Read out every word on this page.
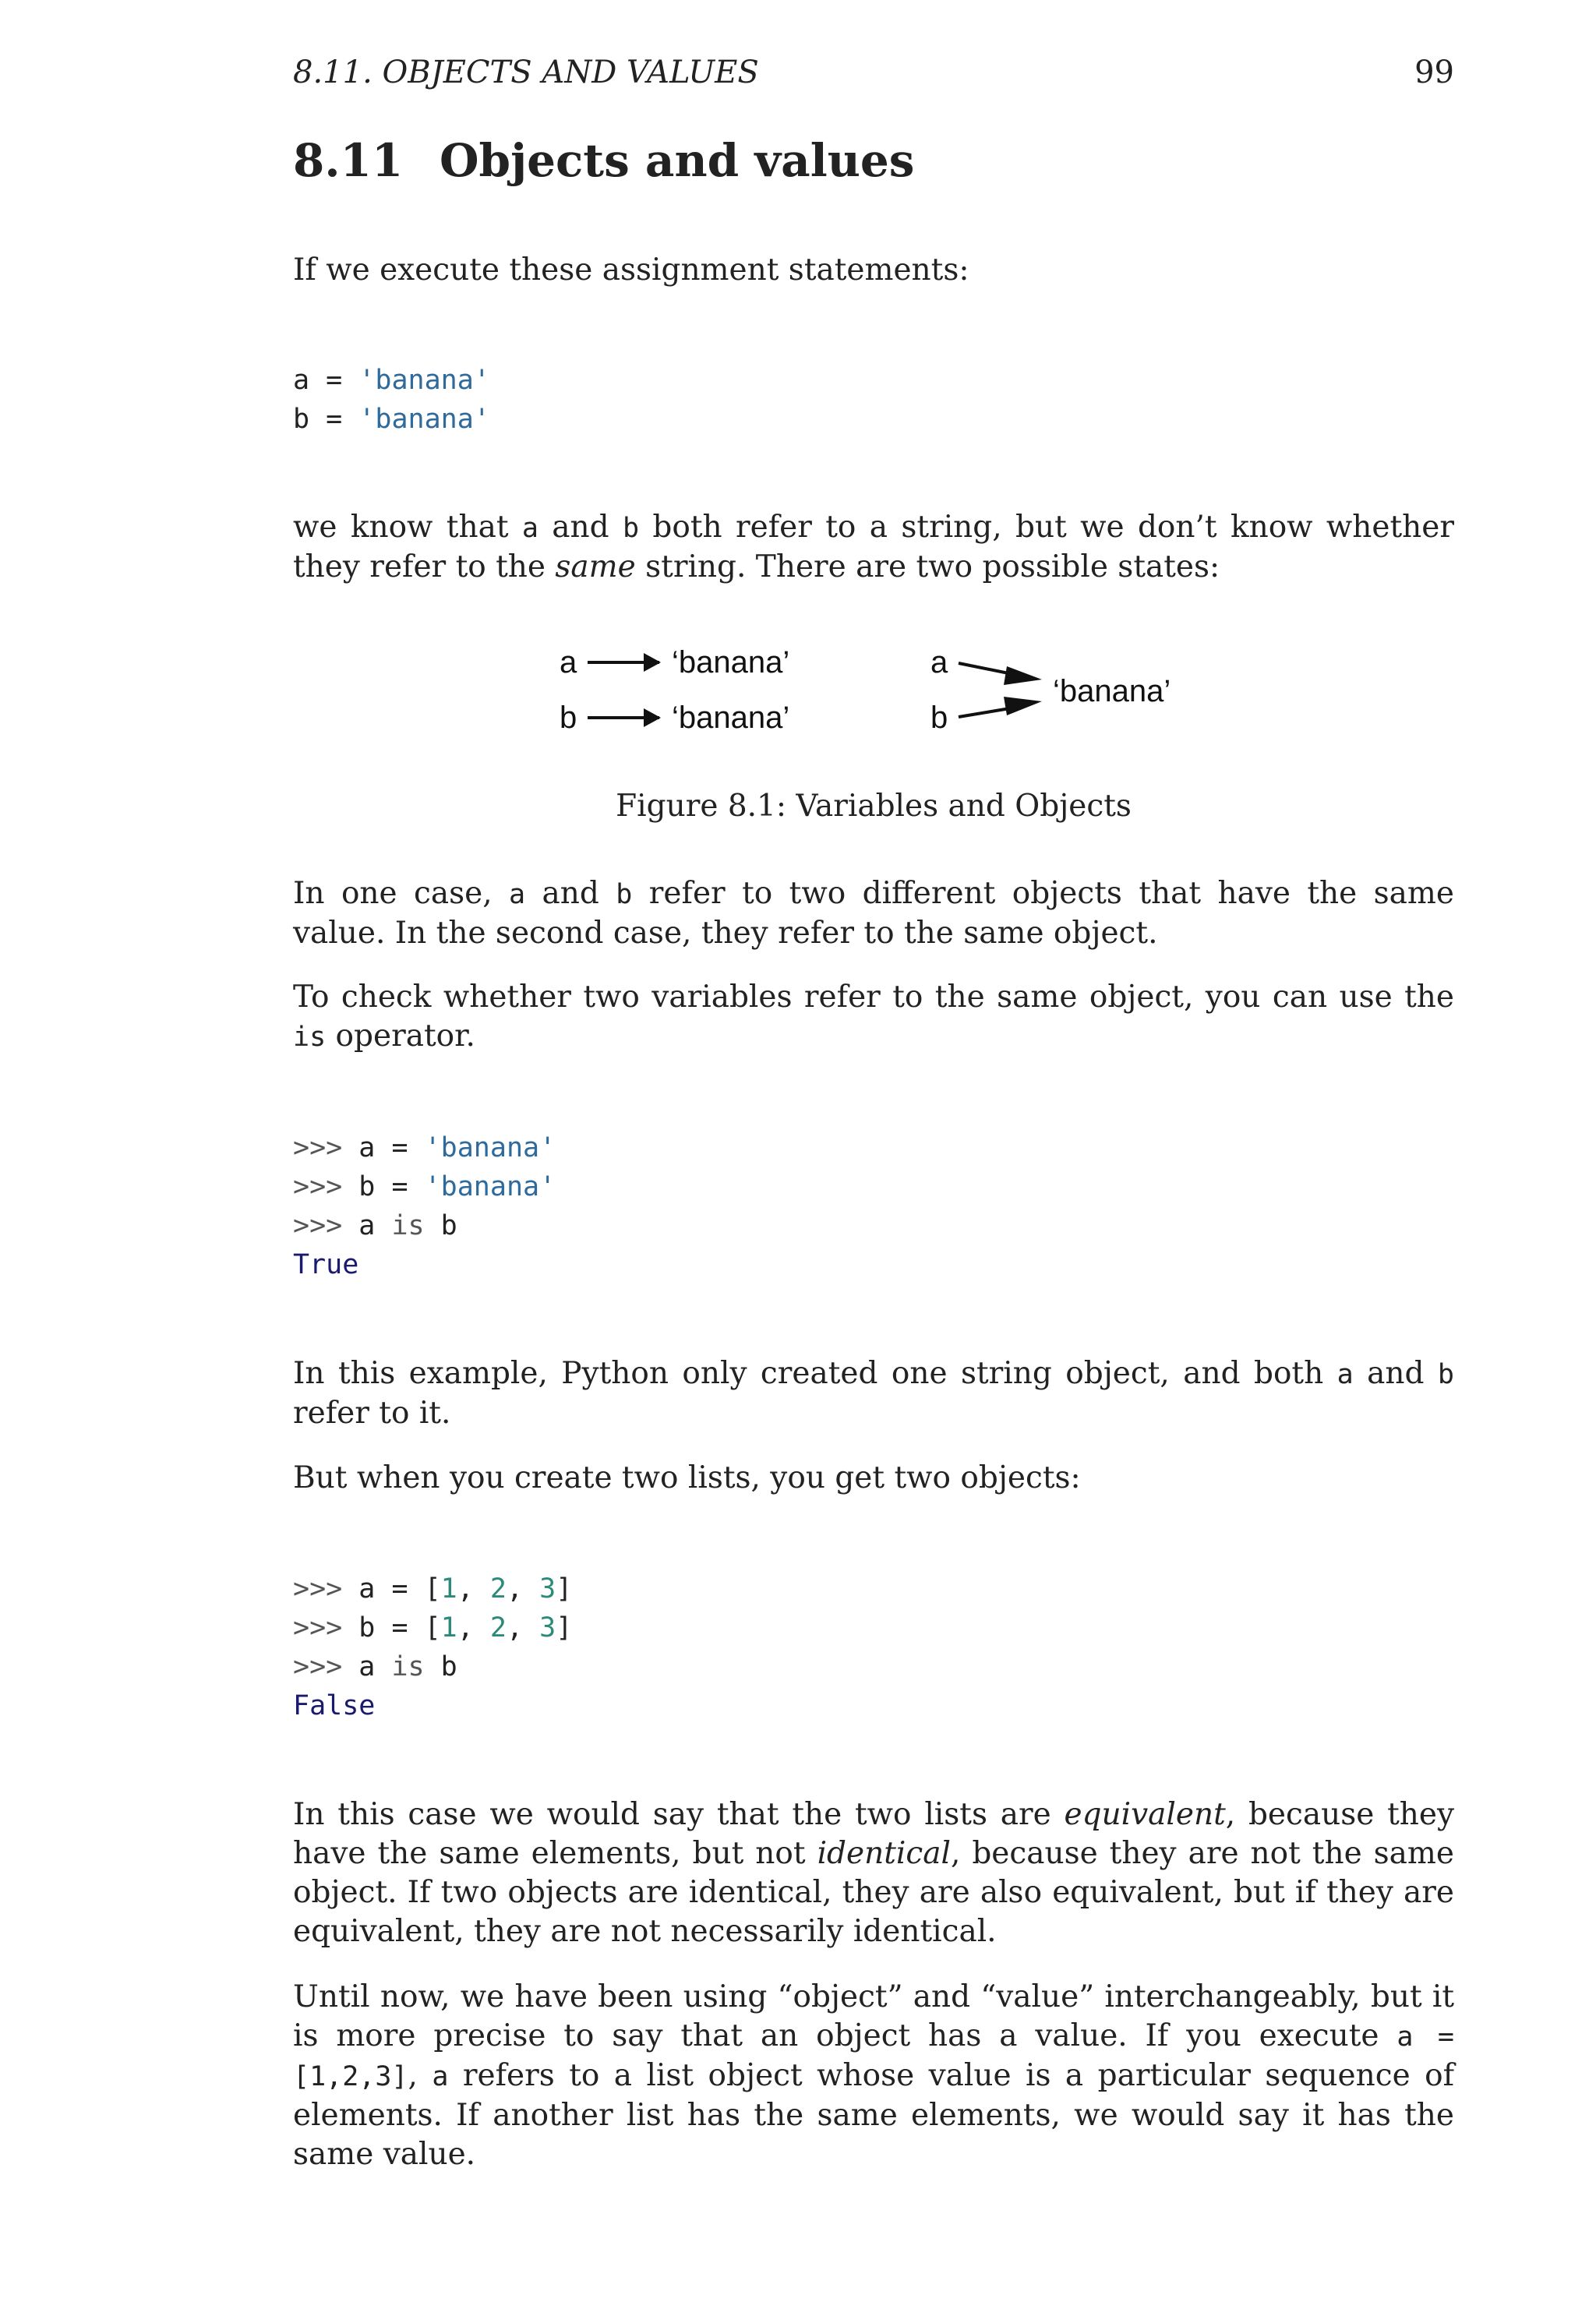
8.11. OBJECTS AND VALUES	99
8.11 Objects and values
If we execute these assignment statements:
a = 'banana'
b = 'banana'
we know that a and b both refer to a string, but we don’t know whether they refer to the same string. There are two possible states:
a	‘banana’
b	‘banana’
a
b
‘banana’
Figure 8.1: Variables and Objects
In one case, a and b refer to two different objects that have the same value. In the second case, they refer to the same object.
To check whether two variables refer to the same object, you can use the is operator.
>>> a = 'banana'
>>> b = 'banana'
>>> a is b
True
In this example, Python only created one string object, and both a and b refer to it.
But when you create two lists, you get two objects:
>>> a = [1, 2, 3]
>>> b = [1, 2, 3]
>>> a is b
False
In this case we would say that the two lists are equivalent, because they have the same elements, but not identical, because they are not the same object. If two objects are identical, they are also equivalent, but if they are equivalent, they are not necessarily identical.
Until now, we have been using “object” and “value” interchangeably, but it is more precise to say that an object has a value. If you execute a = [1,2,3], a refers to a list object whose value is a particular sequence of elements. If another list has the same elements, we would say it has the same value.
